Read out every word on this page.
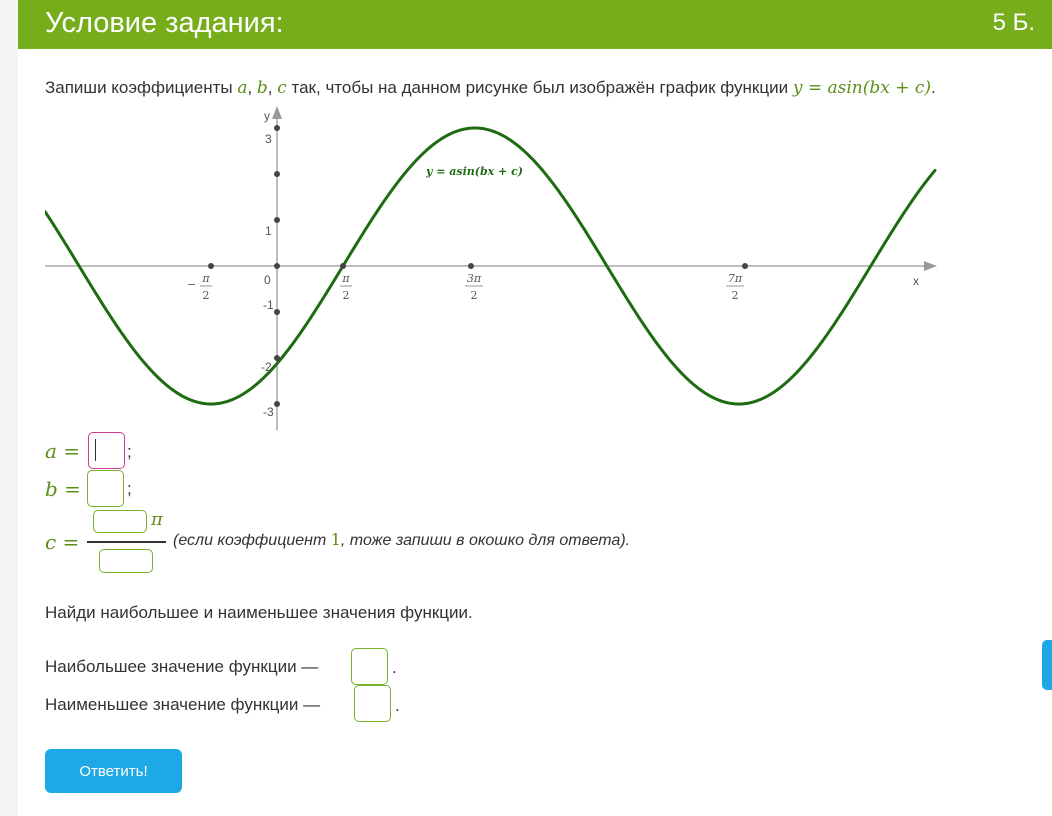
Условие задания:	5 Б.
Запиши коэффициенты a, b, c так, чтобы на данном рисунке был изображён график функции y = asin(bx + c).
y
x
3
1
0
-1
-2
-3
− π
2
π
2
3π
2
7π
2
y = asin(bx + c)
a =	;
b =	;
c =
π
(если коэффициент 1, тоже запиши в окошко для ответа).
Найди наибольшее и наименьшее значения функции.
Наибольшее значение функции —	.
Наименьшее значение функции —	.
Ответить!
